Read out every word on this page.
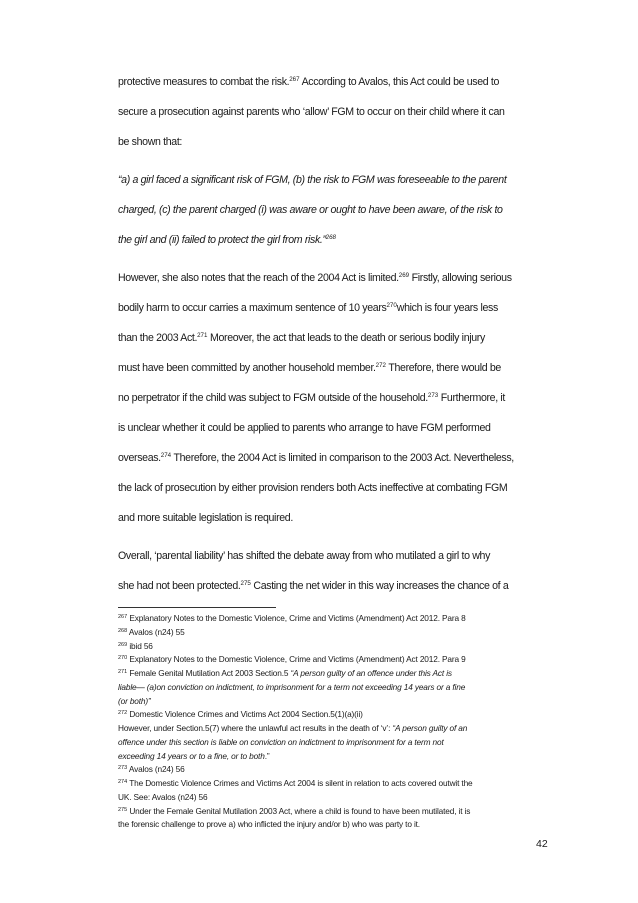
protective measures to combat the risk.$^{267}$ According to Avalos, this Act could be used to
secure a prosecution against parents who ‘allow’ FGM to occur on their child where it can
be shown that:
“a) a girl faced a significant risk of FGM, (b) the risk to FGM was foreseeable to the parent
charged, (c) the parent charged (i) was aware or ought to have been aware, of the risk to
the girl and (ii) failed to protect the girl from risk.”$^{268}$
However, she also notes that the reach of the 2004 Act is limited.$^{269}$ Firstly, allowing serious
bodily harm to occur carries a maximum sentence of 10 years$^{270}$which is four years less
than the 2003 Act.$^{271}$ Moreover, the act that leads to the death or serious bodily injury
must have been committed by another household member.$^{272}$ Therefore, there would be
no perpetrator if the child was subject to FGM outside of the household.$^{273}$ Furthermore, it
is unclear whether it could be applied to parents who arrange to have FGM performed
overseas.$^{274}$ Therefore, the 2004 Act is limited in comparison to the 2003 Act. Nevertheless,
the lack of prosecution by either provision renders both Acts ineffective at combating FGM
and more suitable legislation is required.
Overall, ‘parental liability’ has shifted the debate away from who mutilated a girl to why
she had not been protected.$^{275}$ Casting the net wider in this way increases the chance of a
$^{267}$ Explanatory Notes to the Domestic Violence, Crime and Victims (Amendment) Act 2012. Para 8
$^{268}$ Avalos (n24) 55
$^{269}$ ibid 56
$^{270}$ Explanatory Notes to the Domestic Violence, Crime and Victims (Amendment) Act 2012. Para 9
$^{271}$ Female Genital Mutilation Act 2003 Section.5 “A person guilty of an offence under this Act is
liable— (a)on conviction on indictment, to imprisonment for a term not exceeding 14 years or a fine
(or both)”
$^{272}$ Domestic Violence Crimes and Victims Act 2004 Section.5(1)(a)(ii)
However, under Section.5(7) where the unlawful act results in the death of ‘v’: “A person guilty of an
offence under this section is liable on conviction on indictment to imprisonment for a term not
exceeding 14 years or to a fine, or to both.”
$^{273}$ Avalos (n24) 56
$^{274}$ The Domestic Violence Crimes and Victims Act 2004 is silent in relation to acts covered outwit the
UK. See: Avalos (n24) 56
$^{275}$ Under the Female Genital Mutilation 2003 Act, where a child is found to have been mutilated, it is
the forensic challenge to prove a) who inflicted the injury and/or b) who was party to it.
42
